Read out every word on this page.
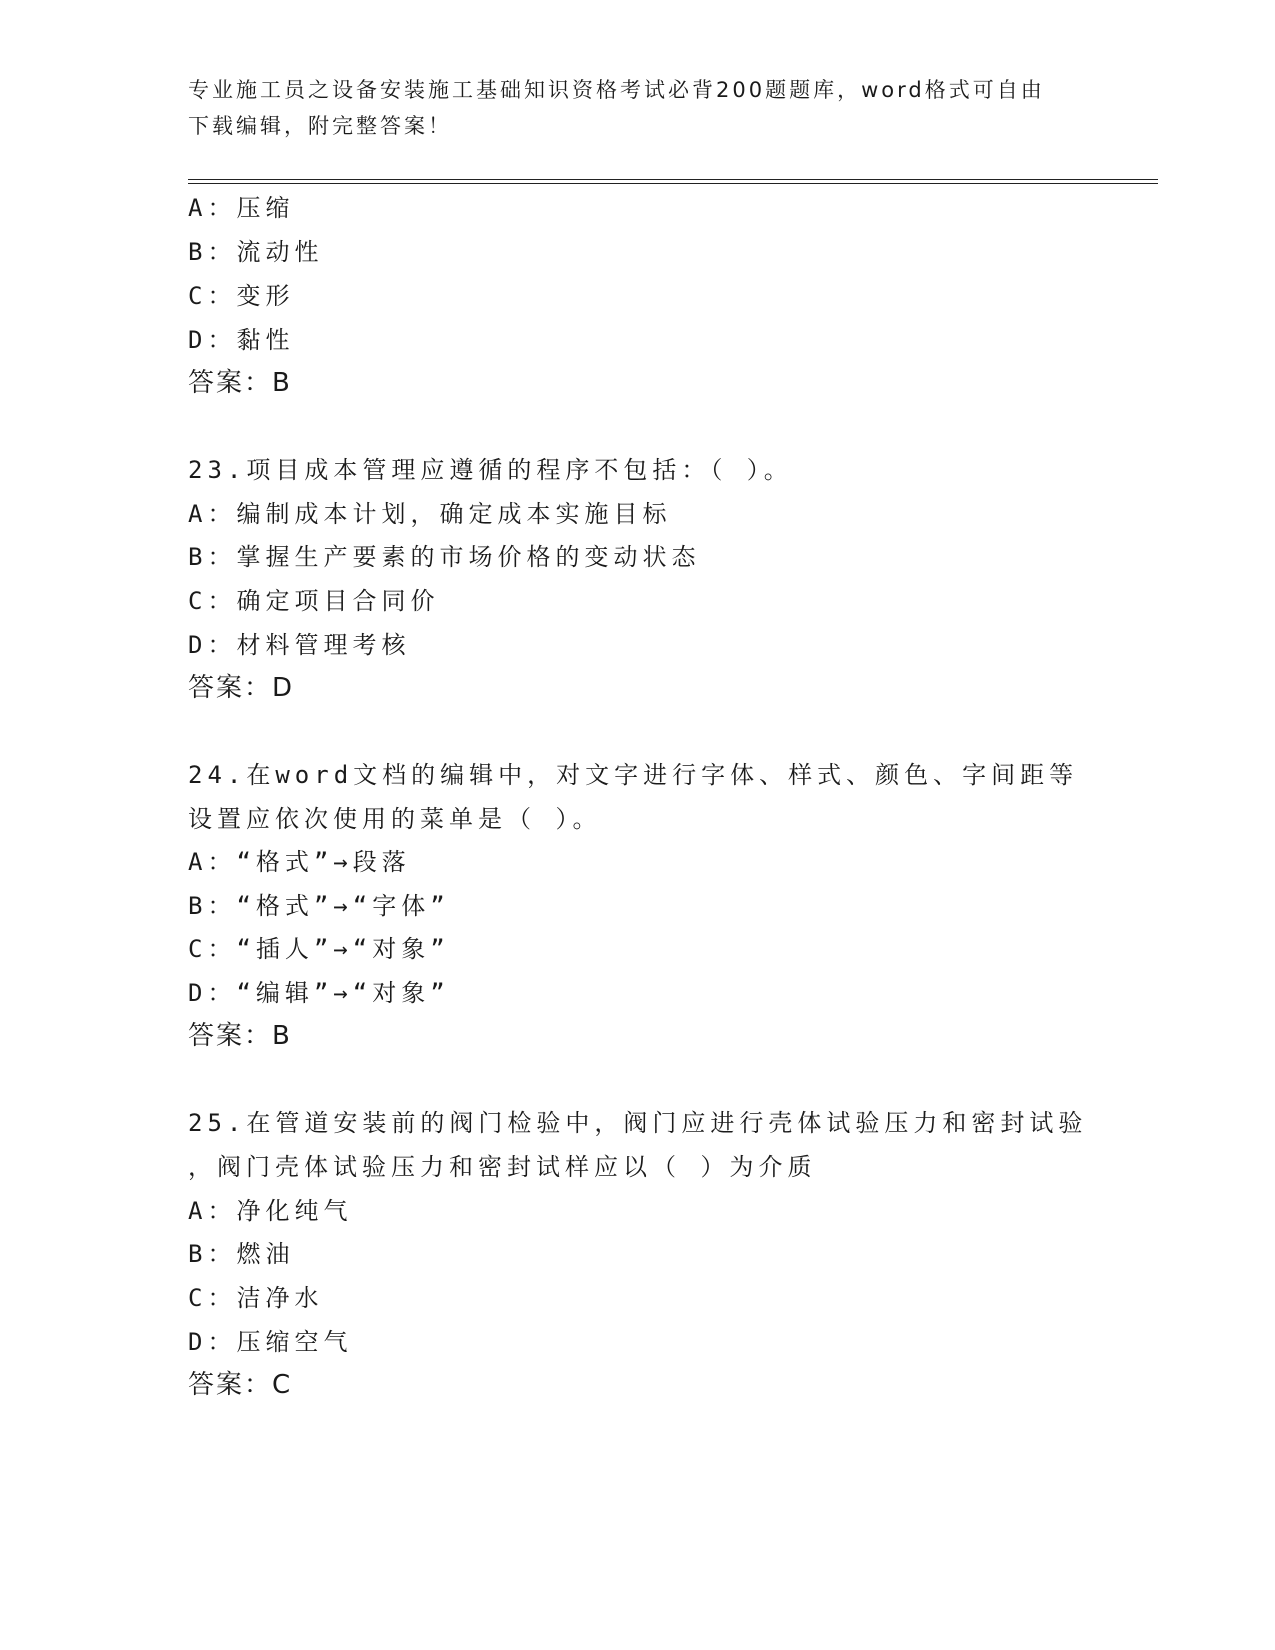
专业施工员之设备安装施工基础知识资格考试必背200题题库，word格式可自由
下载编辑，附完整答案！
A：压缩
B：流动性
C：变形
D：黏性
答案：B
23.项目成本管理应遵循的程序不包括：（ ）。
A：编制成本计划，确定成本实施目标
B：掌握生产要素的市场价格的变动状态
C：确定项目合同价
D：材料管理考核
答案：D
24.在word文档的编辑中，对文字进行字体、样式、颜色、字间距等
设置应依次使用的菜单是（ ）。
A：“格式”→段落
B：“格式”→“字体”
C：“插人”→“对象”
D：“编辑”→“对象”
答案：B
25.在管道安装前的阀门检验中，阀门应进行壳体试验压力和密封试验
，阀门壳体试验压力和密封试样应以（ ）为介质
A：净化纯气
B：燃油
C：洁净水
D：压缩空气
答案：C
